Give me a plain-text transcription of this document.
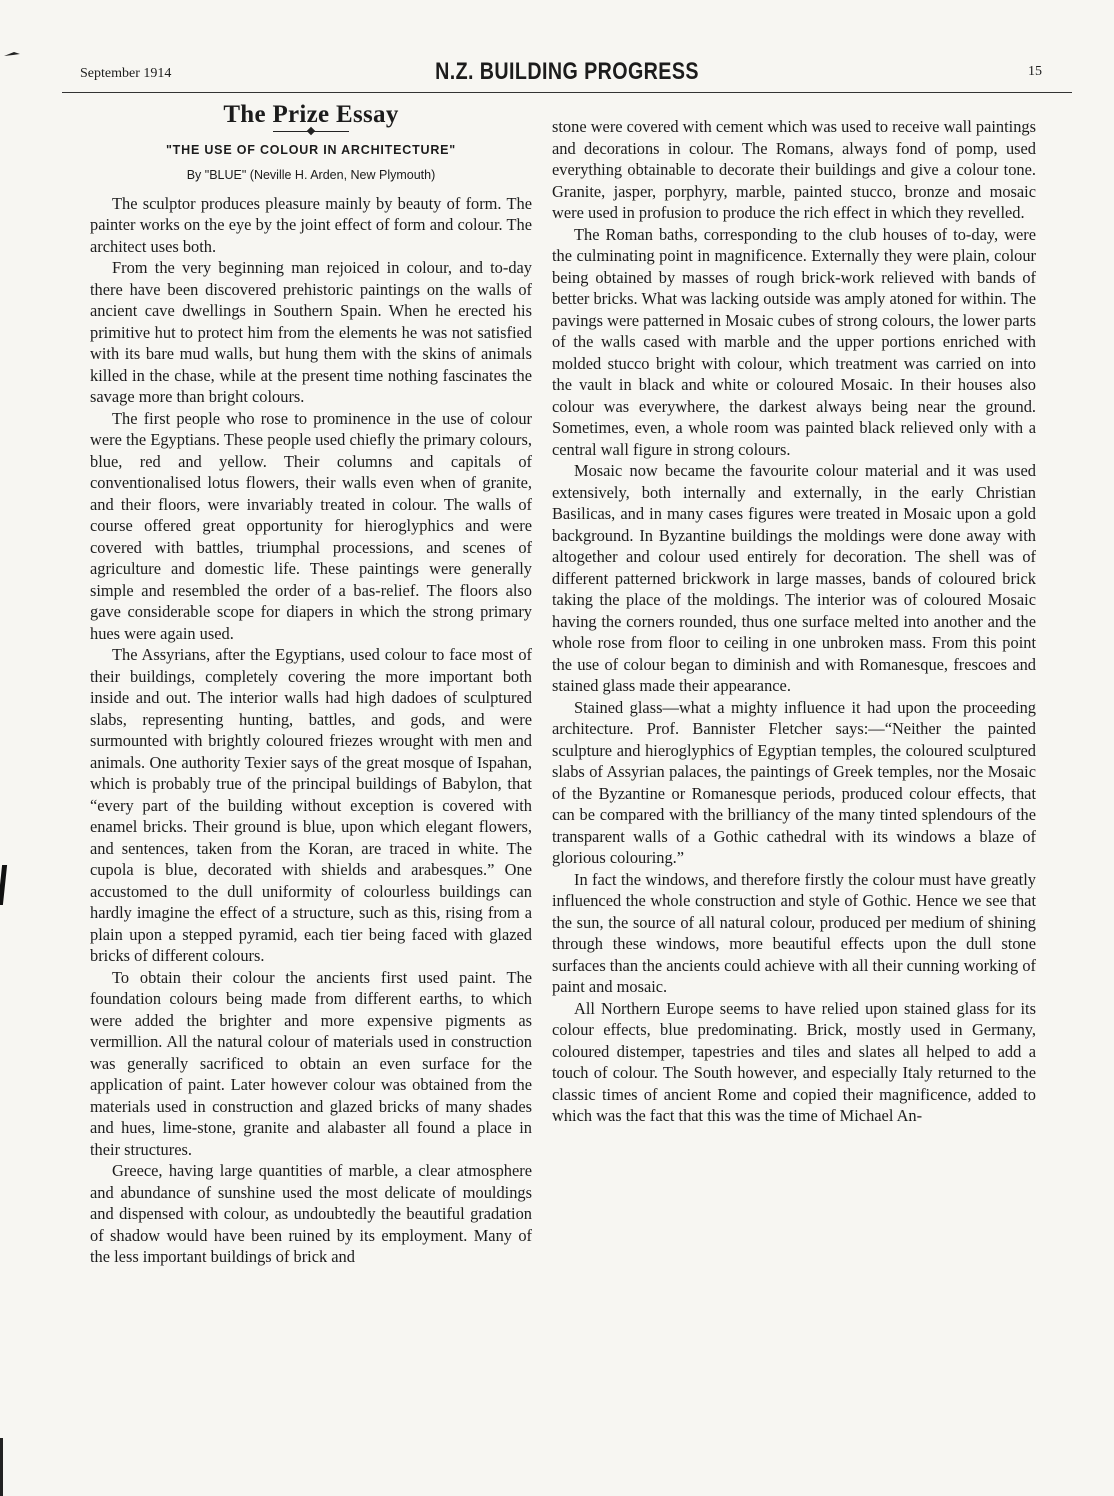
September 1914	N.Z. BUILDING PROGRESS	15
The Prize Essay
"THE USE OF COLOUR IN ARCHITECTURE"
By "BLUE" (Neville H. Arden, New Plymouth)

The sculptor produces pleasure mainly by beauty of form. The painter works on the eye by the joint effect of form and colour. The architect uses both.

From the very beginning man rejoiced in colour, and to-day there have been discovered prehistoric paintings on the walls of ancient cave dwellings in Southern Spain. When he erected his primitive hut to protect him from the elements he was not satisfied with its bare mud walls, but hung them with the skins of animals killed in the chase, while at the present time nothing fascinates the savage more than bright colours.

The first people who rose to prominence in the use of colour were the Egyptians. These people used chiefly the primary colours, blue, red and yellow. Their columns and capitals of conventionalised lotus flowers, their walls even when of granite, and their floors, were invariably treated in colour. The walls of course offered great opportunity for hieroglyphics and were covered with battles, triumphal processions, and scenes of agriculture and domestic life. These paintings were generally simple and resembled the order of a bas-relief. The floors also gave considerable scope for diapers in which the strong primary hues were again used.

The Assyrians, after the Egyptians, used colour to face most of their buildings, completely covering the more important both inside and out. The interior walls had high dadoes of sculptured slabs, representing hunting, battles, and gods, and were surmounted with brightly coloured friezes wrought with men and animals. One authority Texier says of the great mosque of Ispahan, which is probably true of the principal buildings of Babylon, that “every part of the building without exception is covered with enamel bricks. Their ground is blue, upon which elegant flowers, and sentences, taken from the Koran, are traced in white. The cupola is blue, decorated with shields and arabesques.” One accustomed to the dull uniformity of colourless buildings can hardly imagine the effect of a structure, such as this, rising from a plain upon a stepped pyramid, each tier being faced with glazed bricks of different colours.

To obtain their colour the ancients first used paint. The foundation colours being made from different earths, to which were added the brighter and more expensive pigments as vermillion. All the natural colour of materials used in construction was generally sacrificed to obtain an even surface for the application of paint. Later however colour was obtained from the materials used in construction and glazed bricks of many shades and hues, lime-stone, granite and alabaster all found a place in their structures.

Greece, having large quantities of marble, a clear atmosphere and abundance of sunshine used the most delicate of mouldings and dispensed with colour, as undoubtedly the beautiful gradation of shadow would have been ruined by its employment. Many of the less important buildings of brick and

stone were covered with cement which was used to receive wall paintings and decorations in colour. The Romans, always fond of pomp, used everything obtainable to decorate their buildings and give a colour tone. Granite, jasper, porphyry, marble, painted stucco, bronze and mosaic were used in profusion to produce the rich effect in which they revelled.

The Roman baths, corresponding to the club houses of to-day, were the culminating point in magnificence. Externally they were plain, colour being obtained by masses of rough brick-work relieved with bands of better bricks. What was lacking outside was amply atoned for within. The pavings were patterned in Mosaic cubes of strong colours, the lower parts of the walls cased with marble and the upper portions enriched with molded stucco bright with colour, which treatment was carried on into the vault in black and white or coloured Mosaic. In their houses also colour was everywhere, the darkest always being near the ground. Sometimes, even, a whole room was painted black relieved only with a central wall figure in strong colours.

Mosaic now became the favourite colour material and it was used extensively, both internally and externally, in the early Christian Basilicas, and in many cases figures were treated in Mosaic upon a gold background. In Byzantine buildings the moldings were done away with altogether and colour used entirely for decoration. The shell was of different patterned brickwork in large masses, bands of coloured brick taking the place of the moldings. The interior was of coloured Mosaic having the corners rounded, thus one surface melted into another and the whole rose from floor to ceiling in one unbroken mass. From this point the use of colour began to diminish and with Romanesque, frescoes and stained glass made their appearance.

Stained glass—what a mighty influence it had upon the proceeding architecture. Prof. Bannister Fletcher says:—“Neither the painted sculpture and hieroglyphics of Egyptian temples, the coloured sculptured slabs of Assyrian palaces, the paintings of Greek temples, nor the Mosaic of the Byzantine or Romanesque periods, produced colour effects, that can be compared with the brilliancy of the many tinted splendours of the transparent walls of a Gothic cathedral with its windows a blaze of glorious colouring.”

In fact the windows, and therefore firstly the colour must have greatly influenced the whole construction and style of Gothic. Hence we see that the sun, the source of all natural colour, produced per medium of shining through these windows, more beautiful effects upon the dull stone surfaces than the ancients could achieve with all their cunning working of paint and mosaic.

All Northern Europe seems to have relied upon stained glass for its colour effects, blue predominating. Brick, mostly used in Germany, coloured distemper, tapestries and tiles and slates all helped to add a touch of colour. The South however, and especially Italy returned to the classic times of ancient Rome and copied their magnificence, added to which was the fact that this was the time of Michael An-
